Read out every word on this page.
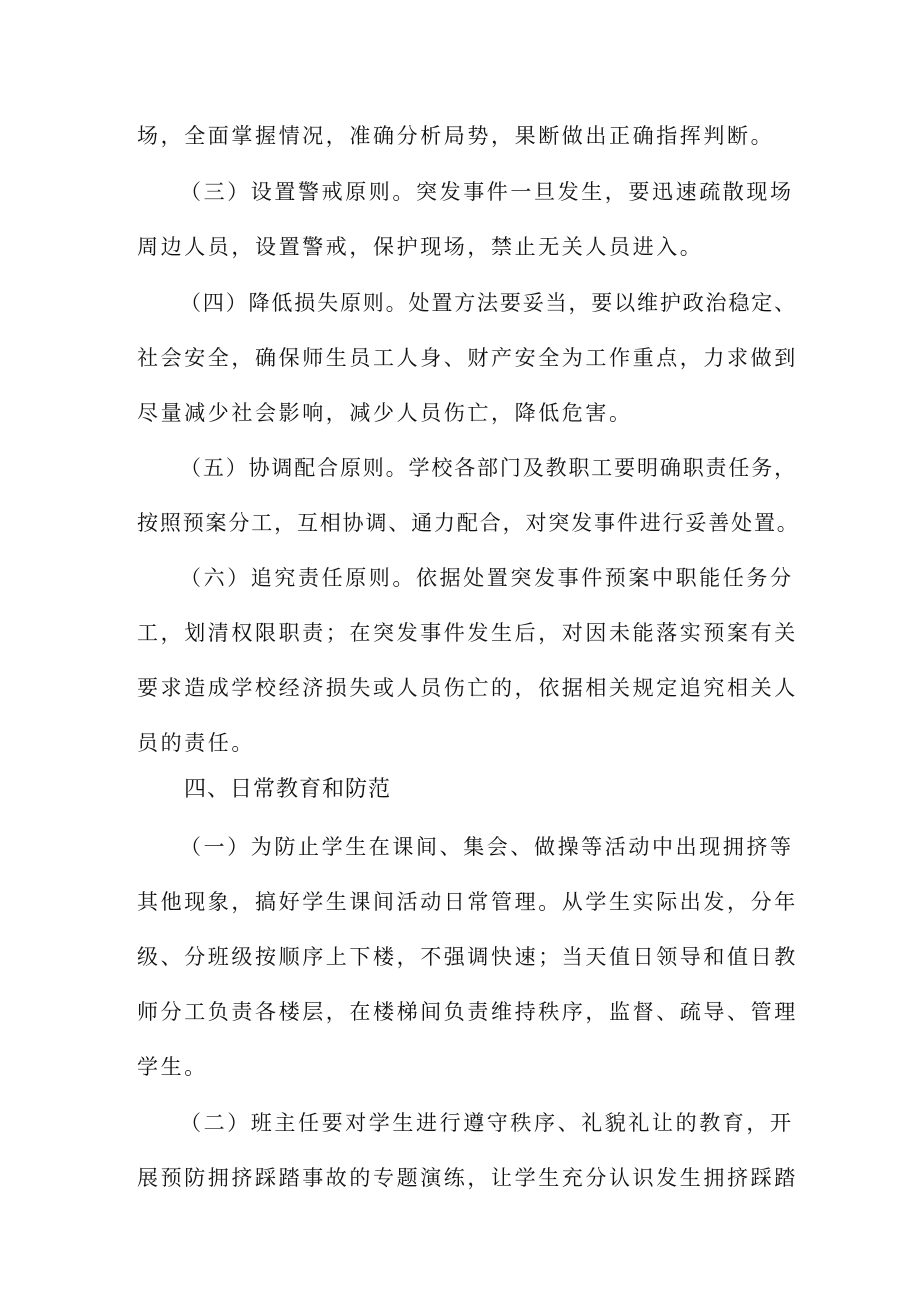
场，全面掌握情况，准确分析局势，果断做出正确指挥判断。
（三）设置警戒原则。突发事件一旦发生，要迅速疏散现场
周边人员，设置警戒，保护现场，禁止无关人员进入。
（四）降低损失原则。处置方法要妥当，要以维护政治稳定、
社会安全，确保师生员工人身、财产安全为工作重点，力求做到
尽量减少社会影响，减少人员伤亡，降低危害。
（五）协调配合原则。学校各部门及教职工要明确职责任务，
按照预案分工，互相协调、通力配合，对突发事件进行妥善处置。
（六）追究责任原则。依据处置突发事件预案中职能任务分
工，划清权限职责；在突发事件发生后，对因未能落实预案有关
要求造成学校经济损失或人员伤亡的，依据相关规定追究相关人
员的责任。
四、日常教育和防范
（一）为防止学生在课间、集会、做操等活动中出现拥挤等
其他现象，搞好学生课间活动日常管理。从学生实际出发，分年
级、分班级按顺序上下楼，不强调快速；当天值日领导和值日教
师分工负责各楼层，在楼梯间负责维持秩序，监督、疏导、管理
学生。
（二）班主任要对学生进行遵守秩序、礼貌礼让的教育，开
展预防拥挤踩踏事故的专题演练，让学生充分认识发生拥挤踩踏
